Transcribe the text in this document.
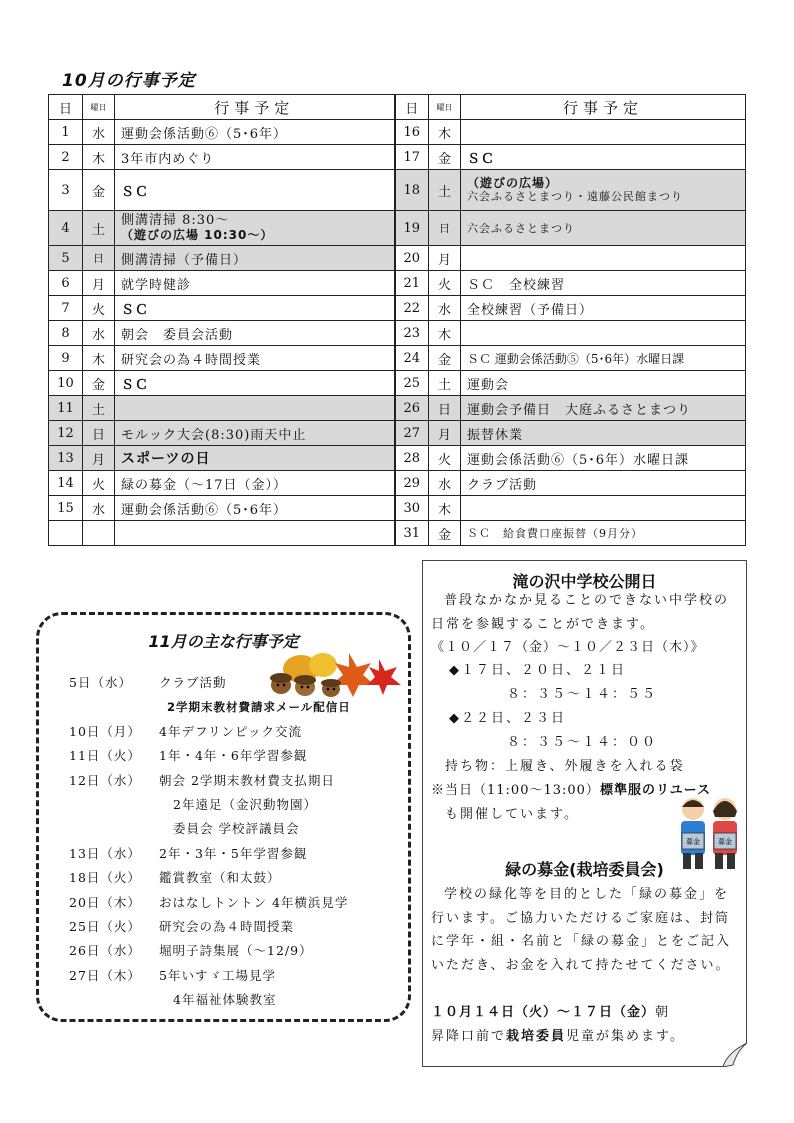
10月の行事予定
日	曜日	行事予定	日	曜日	行事予定
1	水	運動会係活動⑥（5･6年）	16	木	
2	木	3年市内めぐり	17	金	ＳＣ
3	金	ＳＣ	18	土	（遊びの広場）
六会ふるさとまつり・遠藤公民館まつり

4	土	側溝清掃 8:30～
（遊びの広場 10:30～）	19	日	六会ふるさとまつり
5	日	側溝清掃（予備日）	20	月	
6	月	就学時健診	21	火	ＳＣ　全校練習
7	火	ＳＣ	22	水	全校練習（予備日）
8	水	朝会　委員会活動	23	木	
9	木	研究会の為４時間授業	24	金	ＳＣ 運動会係活動⑤（5･6年）水曜日課
10	金	ＳＣ	25	土	運動会
11	土		26	日	運動会予備日　大庭ふるさとまつり
12	日	モルック大会(8:30)雨天中止	27	月	振替休業
13	月	スポーツの日	28	火	運動会係活動⑥（5･6年）水曜日課
14	火	緑の募金（～17日（金））	29	水	クラブ活動
15	水	運動会係活動⑥（5･6年）	30	木	
			31	金	ＳＣ　給食費口座振替（9月分）
11月の主な行事予定
5日（水） クラブ活動
2学期末教材費請求メール配信日
10日（月） 4年デフリンピック交流
11日（火） 1年・4年・6年学習参観
12日（水） 朝会 2学期末教材費支払期日
2年遠足（金沢動物園）
委員会 学校評議員会
13日（水） 2年・3年・5年学習参観
18日（火） 鑑賞教室（和太鼓）
20日（木） おはなしトントン 4年横浜見学
25日（火） 研究会の為４時間授業
26日（水） 堀明子詩集展（～12/9）
27日（木） 5年いすゞ工場見学
4年福祉体験教室
滝の沢中学校公開日
普段なかなか見ることのできない中学校の日常を参観することができます。
《１０／１７（金）～１０／２３日（木）》
◆１７日、２０日、２１日
８：３５～１４：５５
◆２２日、２３日
８：３５～１４：００
持ち物：上履き、外履きを入れる袋
※当日（11:00～13:00）標準服のリユース
も開催しています。
募金	募金
緑の募金(栽培委員会)
学校の緑化等を目的とした「緑の募金」を行います。ご協力いただけるご家庭は、封筒に学年・組・名前と「緑の募金」とをご記入いただき、お金を入れて持たせてください。
１０月１４日（火）～１７日（金）朝
昇降口前で栽培委員児童が集めます。
